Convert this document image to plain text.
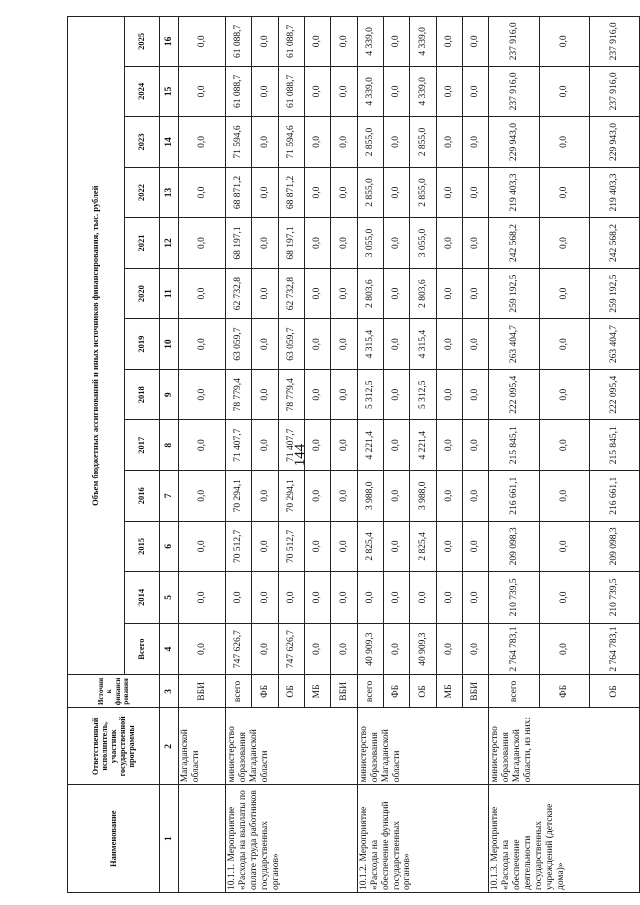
144
Наименование	Ответственный исполнитель, участник государственной программы	Источник финансирования	Объем бюджетных ассигнований и иных источников финансирования, тыс. рублей												
			Всего	2014	2015	2016	2017	2018	2019	2020	2021	2022	2023	2024	2025
1	2	3	4	5	6	7	8	9	10	11	12	13	14	15	16
	Магаданской области	ВБИ	0,0	0,0	0,0	0,0	0,0	0,0	0,0	0,0	0,0	0,0	0,0	0,0	0,0
10.1.1. Мероприятие «Расходы на выплаты по оплате труда работников государственных органов»	министерство образования Магаданской области	всего	747 626,7	0,0	70 512,7	70 294,1	71 407,7	78 779,4	63 059,7	62 732,8	68 197,1	68 871,2	71 594,6	61 088,7	61 088,7
		ФБ	0,0	0,0	0,0	0,0	0,0	0,0	0,0	0,0	0,0	0,0	0,0	0,0	0,0
		ОБ	747 626,7	0,0	70 512,7	70 294,1	71 407,7	78 779,4	63 059,7	62 732,8	68 197,1	68 871,2	71 594,6	61 088,7	61 088,7
		МБ	0,0	0,0	0,0	0,0	0,0	0,0	0,0	0,0	0,0	0,0	0,0	0,0	0,0
		ВБИ	0,0	0,0	0,0	0,0	0,0	0,0	0,0	0,0	0,0	0,0	0,0	0,0	0,0
10.1.2. Мероприятие «Расходы на обеспечение функций государственных органов»	министерство образования Магаданской области	всего	40 909,3	0,0	2 825,4	3 988,0	4 221,4	5 312,5	4 315,4	2 803,6	3 055,0	2 855,0	2 855,0	4 339,0	4 339,0
		ФБ	0,0	0,0	0,0	0,0	0,0	0,0	0,0	0,0	0,0	0,0	0,0	0,0	0,0
		ОБ	40 909,3	0,0	2 825,4	3 988,0	4 221,4	5 312,5	4 315,4	2 803,6	3 055,0	2 855,0	2 855,0	4 339,0	4 339,0
		МБ	0,0	0,0	0,0	0,0	0,0	0,0	0,0	0,0	0,0	0,0	0,0	0,0	0,0
		ВБИ	0,0	0,0	0,0	0,0	0,0	0,0	0,0	0,0	0,0	0,0	0,0	0,0	0,0
10.1.3. Мероприятие «Расходы на обеспечение деятельности государственных учреждений (детские дома)»	министерство образования Магаданской области, из них:	всего	2 764 783,1	210 739,5	209 098,3	216 661,1	215 845,1	222 095,4	263 404,7	259 192,5	242 568,2	219 403,3	229 943,0	237 916,0	237 916,0
		ФБ	0,0	0,0	0,0	0,0	0,0	0,0	0,0	0,0	0,0	0,0	0,0	0,0	0,0
		ОБ	2 764 783,1	210 739,5	209 098,3	216 661,1	215 845,1	222 095,4	263 404,7	259 192,5	242 568,2	219 403,3	229 943,0	237 916,0	237 916,0
